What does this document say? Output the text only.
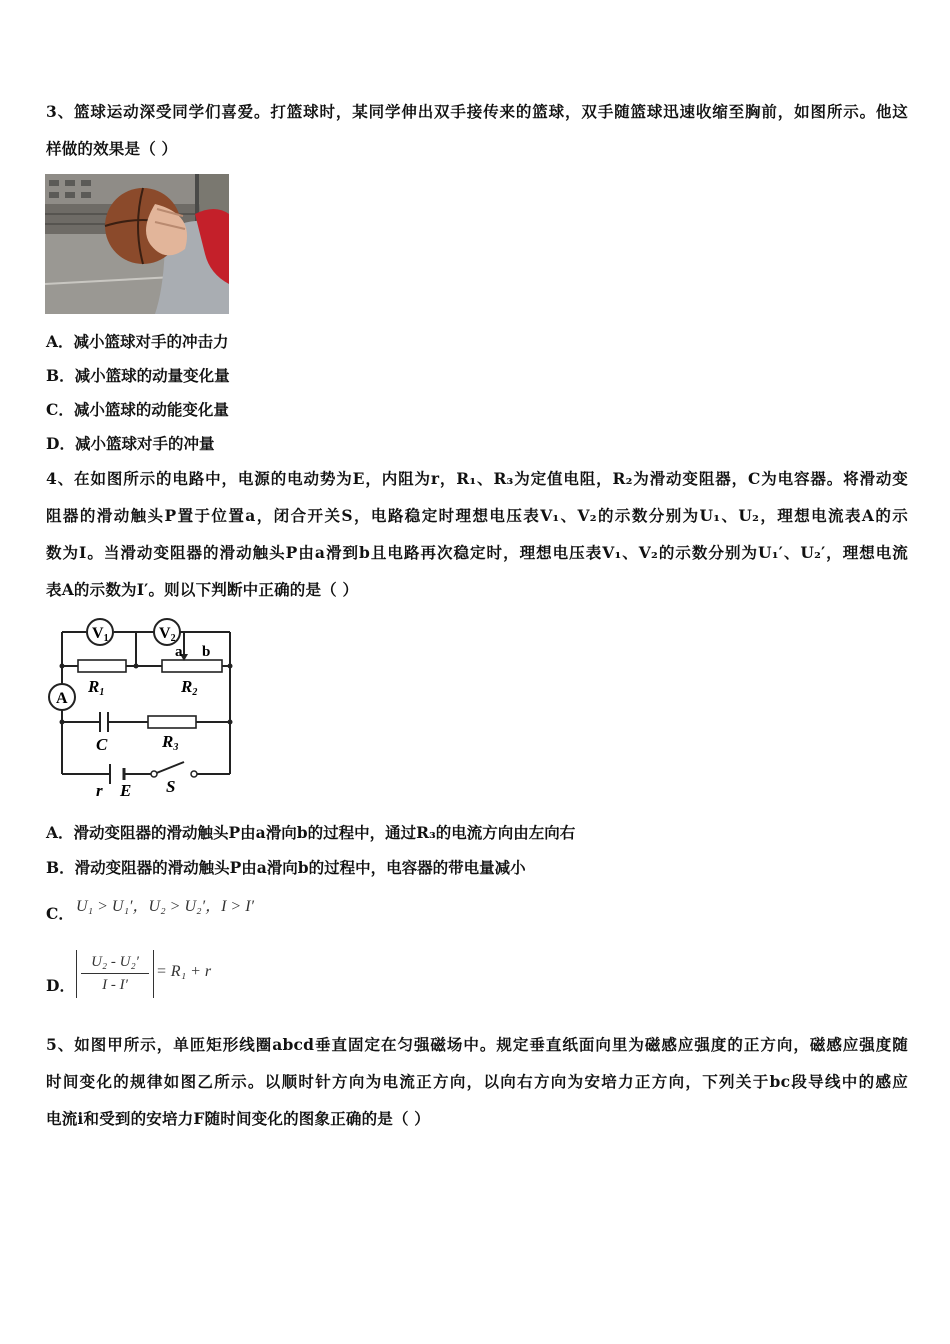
3、篮球运动深受同学们喜爱。打篮球时，某同学伸出双手接传来的篮球，双手随篮球迅速收缩至胸前，如图所示。他这
样做的效果是（ ）
A．减小篮球对手的冲击力
B．减小篮球的动量变化量
C．减小篮球的动能变化量
D．减小篮球对手的冲量
4、在如图所示的电路中，电源的电动势为E，内阻为r，R₁、R₃为定值电阻，R₂为滑动变阻器，C为电容器。将滑动变
阻器的滑动触头P置于位置a，闭合开关S，电路稳定时理想电压表V₁、V₂的示数分别为U₁、U₂，理想电流表A的示
数为I。当滑动变阻器的滑动触头P由a滑到b且电路再次稳定时，理想电压表V₁、V₂的示数分别为U₁′、U₂′，理想电流
表A的示数为I′。则以下判断中正确的是（ ）
V1	V2
A
a b
R1	R2
C	R3
r E S
A．滑动变阻器的滑动触头P由a滑向b的过程中，通过R₃的电流方向由左向右
B．滑动变阻器的滑动触头P由a滑向b的过程中，电容器的带电量减小
C． U₁ > U₁′，U₂ > U₂′，I > I′
D．
U₂ - U₂′
I - I′
= R₁ + r
5、如图甲所示，单匝矩形线圈abcd垂直固定在匀强磁场中。规定垂直纸面向里为磁感应强度的正方向，磁感应强度随
时间变化的规律如图乙所示。以顺时针方向为电流正方向，以向右方向为安培力正方向，下列关于bc段导线中的感应
电流i和受到的安培力F随时间变化的图象正确的是（ ）
